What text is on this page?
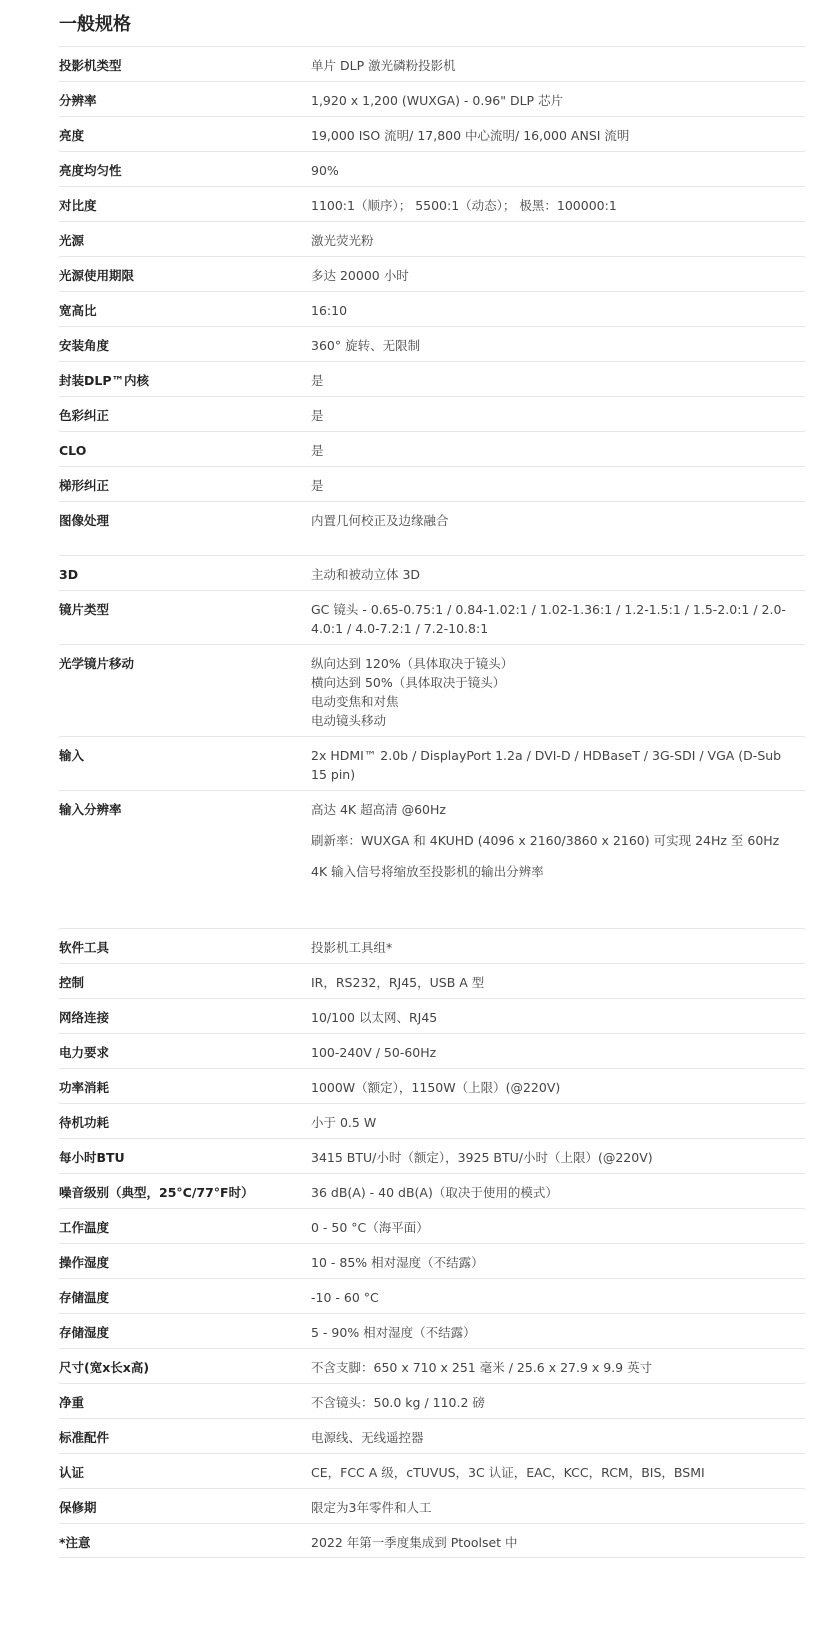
一般规格
投影机类型	单片 DLP 激光磷粉投影机
分辨率	1,920 x 1,200 (WUXGA) - 0.96" DLP 芯片
亮度	19,000 ISO 流明/ 17,800 中心流明/ 16,000 ANSI 流明
亮度均匀性	90%
对比度	1100:1（顺序）； 5500:1（动态）； 极黑：100000:1
光源	激光荧光粉
光源使用期限	多达 20000 小时
宽高比	16:10
安装角度	360° 旋转、无限制
封装DLP™内核	是
色彩纠正	是
CLO	是
梯形纠正	是
图像处理	内置几何校正及边缘融合
3D	主动和被动立体 3D
镜片类型	GC 镜头 - 0.65-0.75:1 / 0.84-1.02:1 / 1.02-1.36:1 / 1.2-1.5:1 / 1.5-2.0:1 / 2.0-4.0:1 / 4.0-7.2:1 / 7.2-10.8:1
光学镜片移动	纵向达到 120%（具体取决于镜头）
横向达到 50%（具体取决于镜头）
电动变焦和对焦
电动镜头移动
输入	2x HDMI™ 2.0b / DisplayPort 1.2a / DVI-D / HDBaseT / 3G-SDI / VGA (D-Sub 15 pin)
输入分辨率	高达 4K 超高清 @60Hz
刷新率：WUXGA 和 4KUHD (4096 x 2160/3860 x 2160) 可实现 24Hz 至 60Hz
4K 输入信号将缩放至投影机的输出分辨率
软件工具	投影机工具组*
控制	IR，RS232，RJ45，USB A 型
网络连接	10/100 以太网、RJ45
电力要求	100-240V / 50-60Hz
功率消耗	1000W（额定），1150W（上限）(@220V)
待机功耗	小于 0.5 W
每小时BTU	3415 BTU/小时（额定），3925 BTU/小时（上限）(@220V)
噪音级别（典型，25°C/77°F时）	36 dB(A) - 40 dB(A)（取决于使用的模式）
工作温度	0 - 50 °C（海平面）
操作湿度	10 - 85% 相对湿度（不结露）
存储温度	-10 - 60 °C
存储湿度	5 - 90% 相对湿度（不结露）
尺寸(宽x长x高)	不含支脚：650 x 710 x 251 毫米 / 25.6 x 27.9 x 9.9 英寸
净重	不含镜头：50.0 kg / 110.2 磅
标准配件	电源线、无线遥控器
认证	CE，FCC A 级，cTUVUS，3C 认证，EAC，KCC，RCM，BIS，BSMI
保修期	限定为3年零件和人工
*注意	2022 年第一季度集成到 Ptoolset 中
